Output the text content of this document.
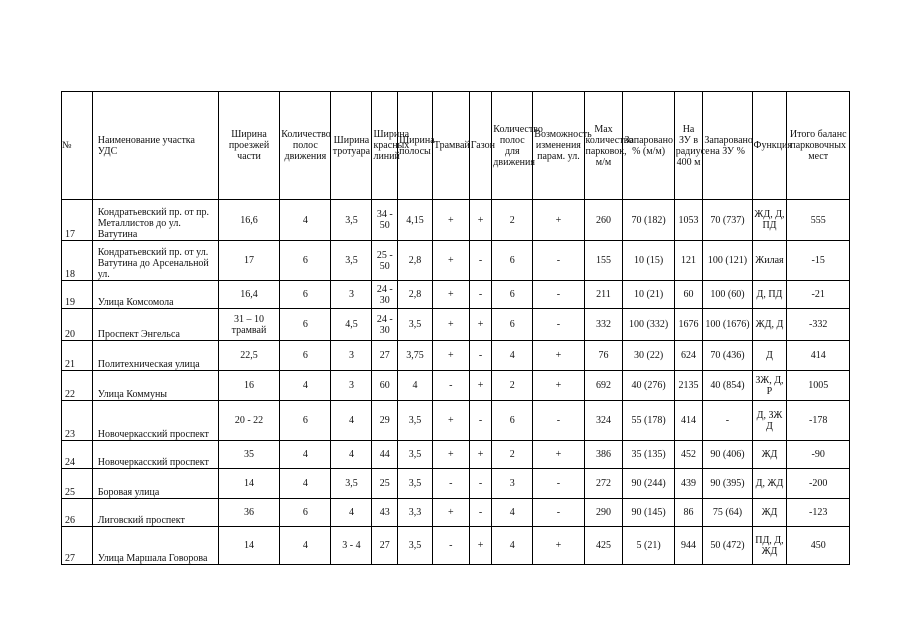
№	Наименование участка УДС	Ширина проезжей части	Количество полос движения	Ширина тротуара	Ширина красных линий	Ширина полосы	Трамвай	Газон	Количество полос для движения	Возможность изменения парам. ул.	Max количество парковок, м/м	Запаровано % (м/м)	На ЗУ в радиусе 400 м	Запаровано на ЗУ %	Функция	Итого баланс парковочных мест
17	Кондратьевский пр. от пр. Металлистов до ул. Ватутина	16,6	4	3,5	34 - 50	4,15	+	+	2	+	260	70 (182)	1053	70 (737)	ЖД, Д, ПД	555
18	Кондратьевский пр. от ул. Ватутина до Арсенальной ул.	17	6	3,5	25 - 50	2,8	+	-	6	-	155	10 (15)	121	100 (121)	Жилая	-15
19	Улица Комсомола	16,4	6	3	24 - 30	2,8	+	-	6	-	211	10 (21)	60	100 (60)	Д, ПД	-21
20	Проспект Энгельса	31 – 10 трамвай	6	4,5	24 - 30	3,5	+	+	6	-	332	100 (332)	1676	100 (1676)	ЖД, Д	-332
21	Политехническая улица	22,5	6	3	27	3,75	+	-	4	+	76	30 (22)	624	70 (436)	Д	414
22	Улица Коммуны	16	4	3	60	4	-	+	2	+	692	40 (276)	2135	40 (854)	ЗЖ, Д, Р	1005
23	Новочеркасский проспект	20 - 22	6	4	29	3,5	+	-	6	-	324	55 (178)	414	-	Д, ЗЖ Д	-178
24	Новочеркасский проспект	35	4	4	44	3,5	+	+	2	+	386	35 (135)	452	90 (406)	ЖД	-90
25	Боровая улица	14	4	3,5	25	3,5	-	-	3	-	272	90 (244)	439	90 (395)	Д, ЖД	-200
26	Лиговский проспект	36	6	4	43	3,3	+	-	4	-	290	90 (145)	86	75 (64)	ЖД	-123
27	Улица Маршала Говорова	14	4	3 - 4	27	3,5	-	+	4	+	425	5 (21)	944	50 (472)	ПД, Д, ЖД	450
